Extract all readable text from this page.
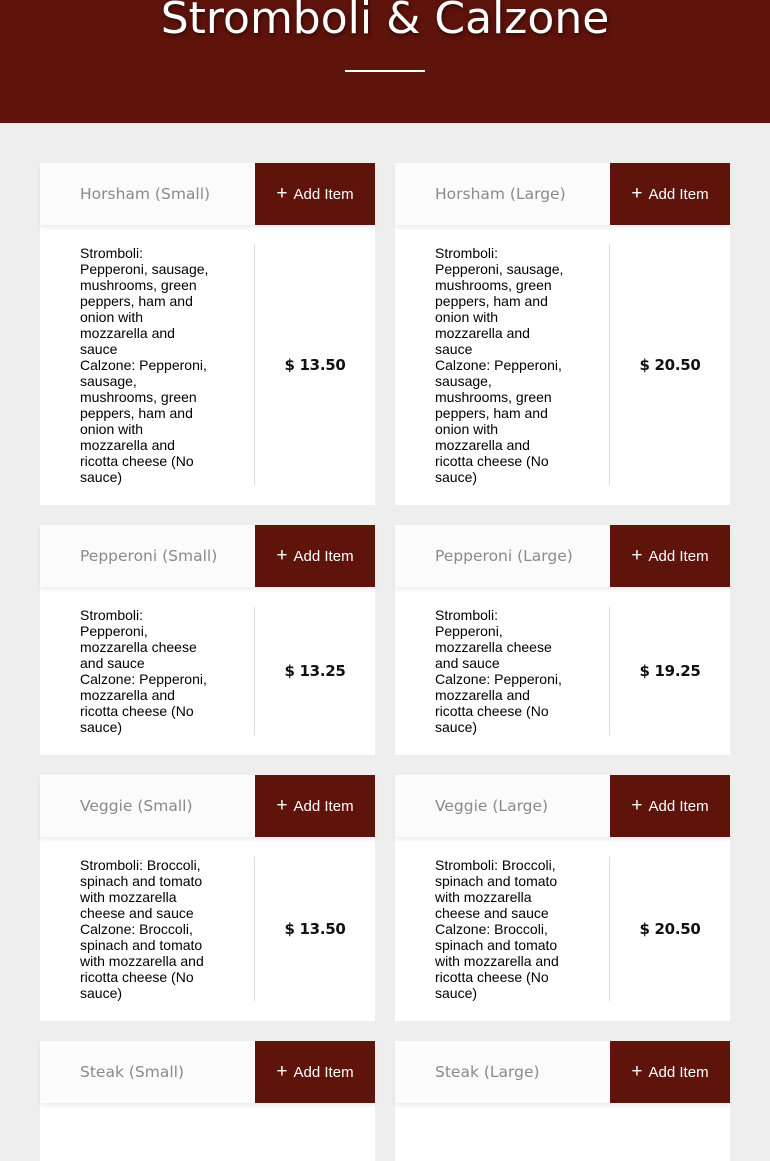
Stromboli & Calzone
Horsham (Small)	+ Add Item
Stromboli: Pepperoni, sausage, mushrooms, green peppers, ham and onion with mozzarella and sauce
Calzone: Pepperoni, sausage, mushrooms, green peppers, ham and onion with mozzarella and ricotta cheese (No sauce)
$ 13.50
Horsham (Large)	+ Add Item
Stromboli: Pepperoni, sausage, mushrooms, green peppers, ham and onion with mozzarella and sauce
Calzone: Pepperoni, sausage, mushrooms, green peppers, ham and onion with mozzarella and ricotta cheese (No sauce)
$ 20.50
Pepperoni (Small)	+ Add Item
Stromboli: Pepperoni, mozzarella cheese and sauce
Calzone: Pepperoni, mozzarella and ricotta cheese (No sauce)
$ 13.25
Pepperoni (Large)	+ Add Item
Stromboli: Pepperoni, mozzarella cheese and sauce
Calzone: Pepperoni, mozzarella and ricotta cheese (No sauce)
$ 19.25
Veggie (Small)	+ Add Item
Stromboli: Broccoli, spinach and tomato with mozzarella cheese and sauce
Calzone: Broccoli, spinach and tomato with mozzarella and ricotta cheese (No sauce)
$ 13.50
Veggie (Large)	+ Add Item
Stromboli: Broccoli, spinach and tomato with mozzarella cheese and sauce
Calzone: Broccoli, spinach and tomato with mozzarella and ricotta cheese (No sauce)
$ 20.50
Steak (Small)	+ Add Item	Steak (Large)	+ Add Item
